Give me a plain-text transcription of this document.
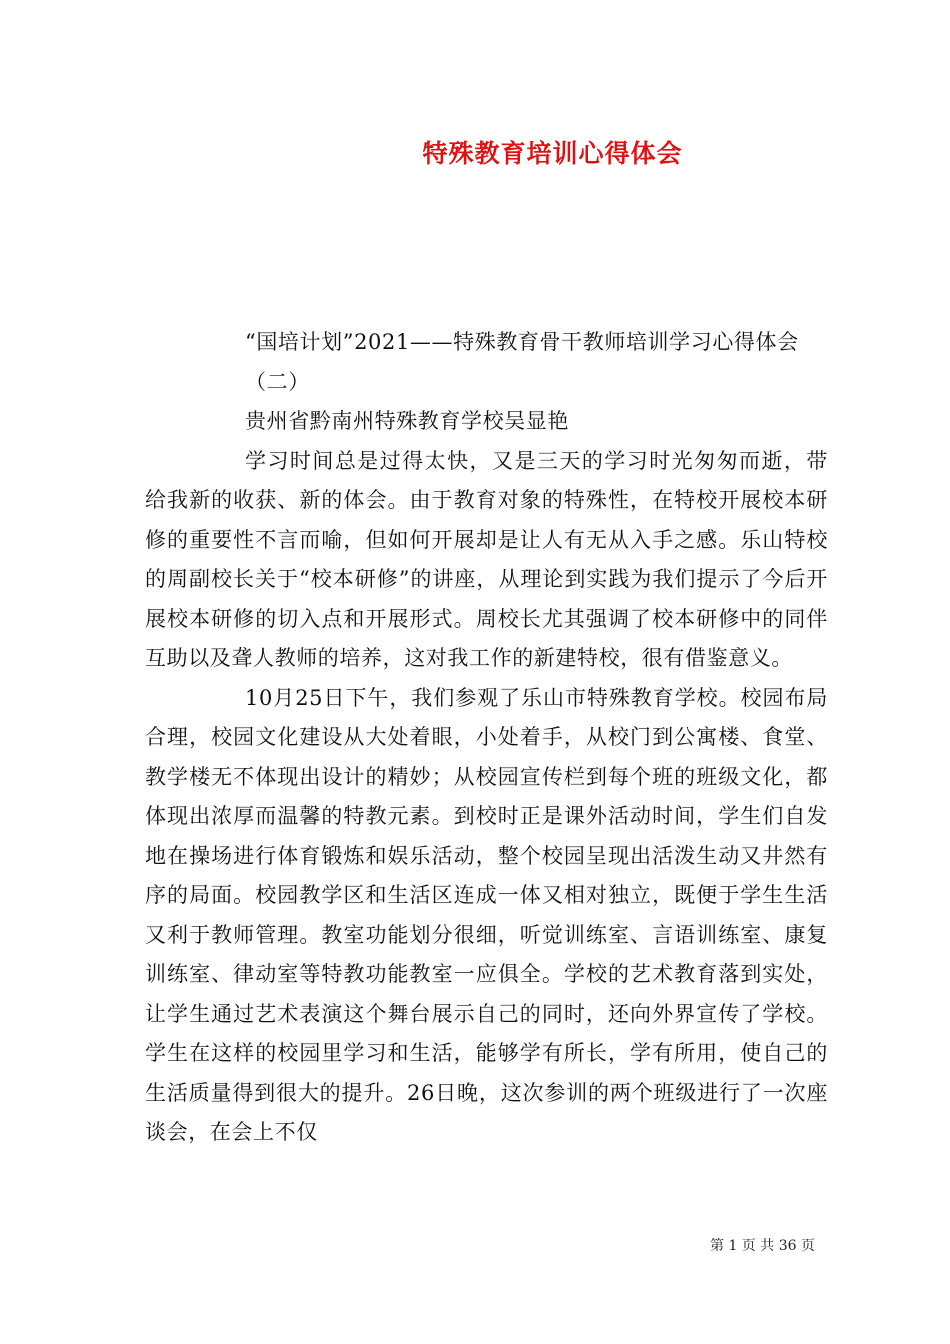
特殊教育培训心得体会

“国培计划”2021——特殊教育骨干教师培训学习心得体会

（二）

贵州省黔南州特殊教育学校吴显艳

学习时间总是过得太快，又是三天的学习时光匆匆而逝，带给我新的收获、新的体会。由于教育对象的特殊性，在特校开展校本研修的重要性不言而喻，但如何开展却是让人有无从入手之感。乐山特校的周副校长关于“校本研修”的讲座，从理论到实践为我们提示了今后开展校本研修的切入点和开展形式。周校长尤其强调了校本研修中的同伴互助以及聋人教师的培养，这对我工作的新建特校，很有借鉴意义。

10月25日下午，我们参观了乐山市特殊教育学校。校园布局合理，校园文化建设从大处着眼，小处着手，从校门到公寓楼、食堂、教学楼无不体现出设计的精妙；从校园宣传栏到每个班的班级文化，都体现出浓厚而温馨的特教元素。到校时正是课外活动时间，学生们自发地在操场进行体育锻炼和娱乐活动，整个校园呈现出活泼生动又井然有序的局面。校园教学区和生活区连成一体又相对独立，既便于学生生活又利于教师管理。教室功能划分很细，听觉训练室、言语训练室、康复训练室、律动室等特教功能教室一应俱全。学校的艺术教育落到实处，让学生通过艺术表演这个舞台展示自己的同时，还向外界宣传了学校。学生在这样的校园里学习和生活，能够学有所长，学有所用，使自己的生活质量得到很大的提升。26日晚，这次参训的两个班级进行了一次座谈会，在会上不仅

第 1 页 共 36 页
